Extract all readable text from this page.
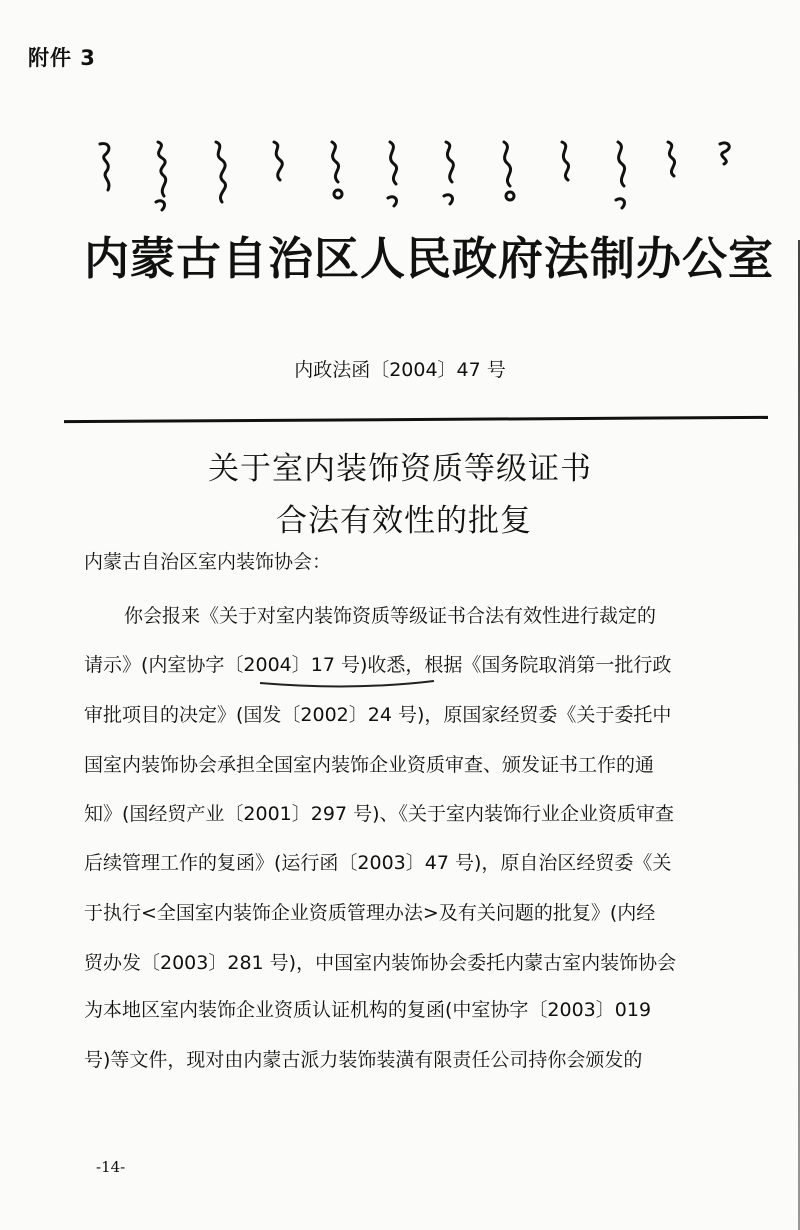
附件 3
内蒙古自治区人民政府法制办公室
内政法函〔2004〕47 号
关于室内装饰资质等级证书
合法有效性的批复
内蒙古自治区室内装饰协会：
你会报来《关于对室内装饰资质等级证书合法有效性进行裁定的
请示》(内室协字〔2004〕17 号)收悉，根据《国务院取消第一批行政
审批项目的决定》(国发〔2002〕24 号)，原国家经贸委《关于委托中
国室内装饰协会承担全国室内装饰企业资质审查、颁发证书工作的通
知》(国经贸产业〔2001〕297 号)、《关于室内装饰行业企业资质审查
后续管理工作的复函》(运行函〔2003〕47 号)，原自治区经贸委《关
于执行<全国室内装饰企业资质管理办法>及有关问题的批复》(内经
贸办发〔2003〕281 号)，中国室内装饰协会委托内蒙古室内装饰协会
为本地区室内装饰企业资质认证机构的复函(中室协字〔2003〕019
号)等文件，现对由内蒙古派力装饰装潢有限责任公司持你会颁发的
-14-
